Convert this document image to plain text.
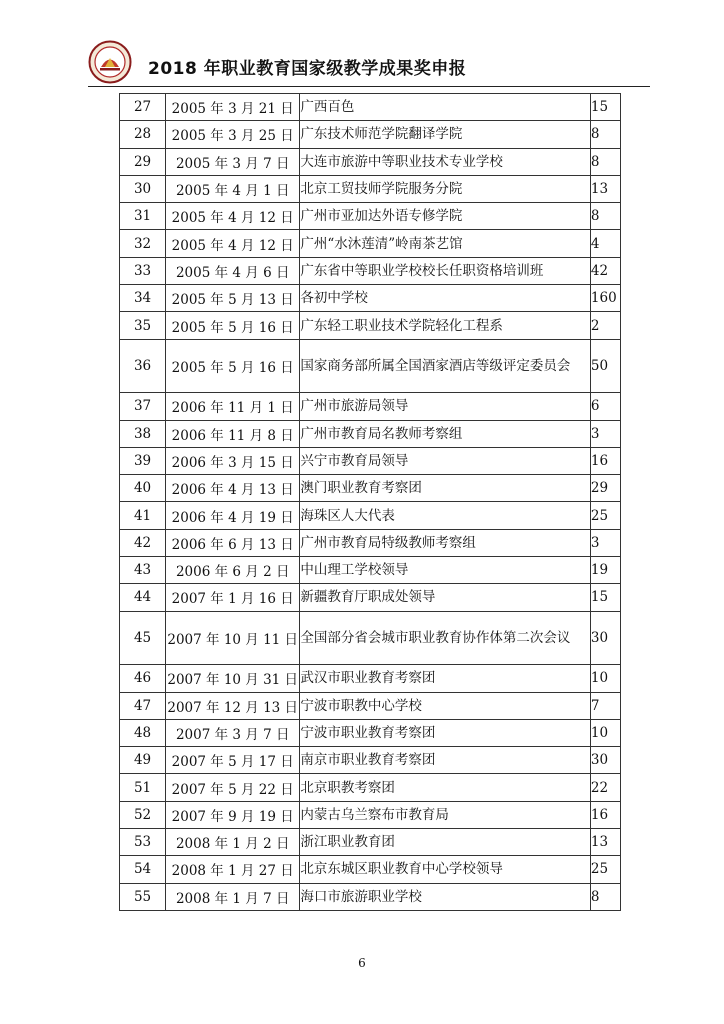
2018 年职业教育国家级教学成果奖申报
27	2005 年 3 月 21 日	广西百色	15
28	2005 年 3 月 25 日	广东技术师范学院翻译学院	8
29	2005 年 3 月 7 日	大连市旅游中等职业技术专业学校	8
30	2005 年 4 月 1 日	北京工贸技师学院服务分院	13
31	2005 年 4 月 12 日	广州市亚加达外语专修学院	8
32	2005 年 4 月 12 日	广州“水沐莲清”岭南茶艺馆	4
33	2005 年 4 月 6 日	广东省中等职业学校校长任职资格培训班	42
34	2005 年 5 月 13 日	各初中学校	160
35	2005 年 5 月 16 日	广东轻工职业技术学院轻化工程系	2
36	2005 年 5 月 16 日	国家商务部所属全国酒家酒店等级评定委员会	50
37	2006 年 11 月 1 日	广州市旅游局领导	6
38	2006 年 11 月 8 日	广州市教育局名教师考察组	3
39	2006 年 3 月 15 日	兴宁市教育局领导	16
40	2006 年 4 月 13 日	澳门职业教育考察团	29
41	2006 年 4 月 19 日	海珠区人大代表	25
42	2006 年 6 月 13 日	广州市教育局特级教师考察组	3
43	2006 年 6 月 2 日	中山理工学校领导	19
44	2007 年 1 月 16 日	新疆教育厅职成处领导	15
45	2007 年 10 月 11 日	全国部分省会城市职业教育协作体第二次会议	30
46	2007 年 10 月 31 日	武汉市职业教育考察团	10
47	2007 年 12 月 13 日	宁波市职教中心学校	7
48	2007 年 3 月 7 日	宁波市职业教育考察团	10
49	2007 年 5 月 17 日	南京市职业教育考察团	30
51	2007 年 5 月 22 日	北京职教考察团	22
52	2007 年 9 月 19 日	内蒙古乌兰察布市教育局	16
53	2008 年 1 月 2 日	浙江职业教育团	13
54	2008 年 1 月 27 日	北京东城区职业教育中心学校领导	25
55	2008 年 1 月 7 日	海口市旅游职业学校	8
6
